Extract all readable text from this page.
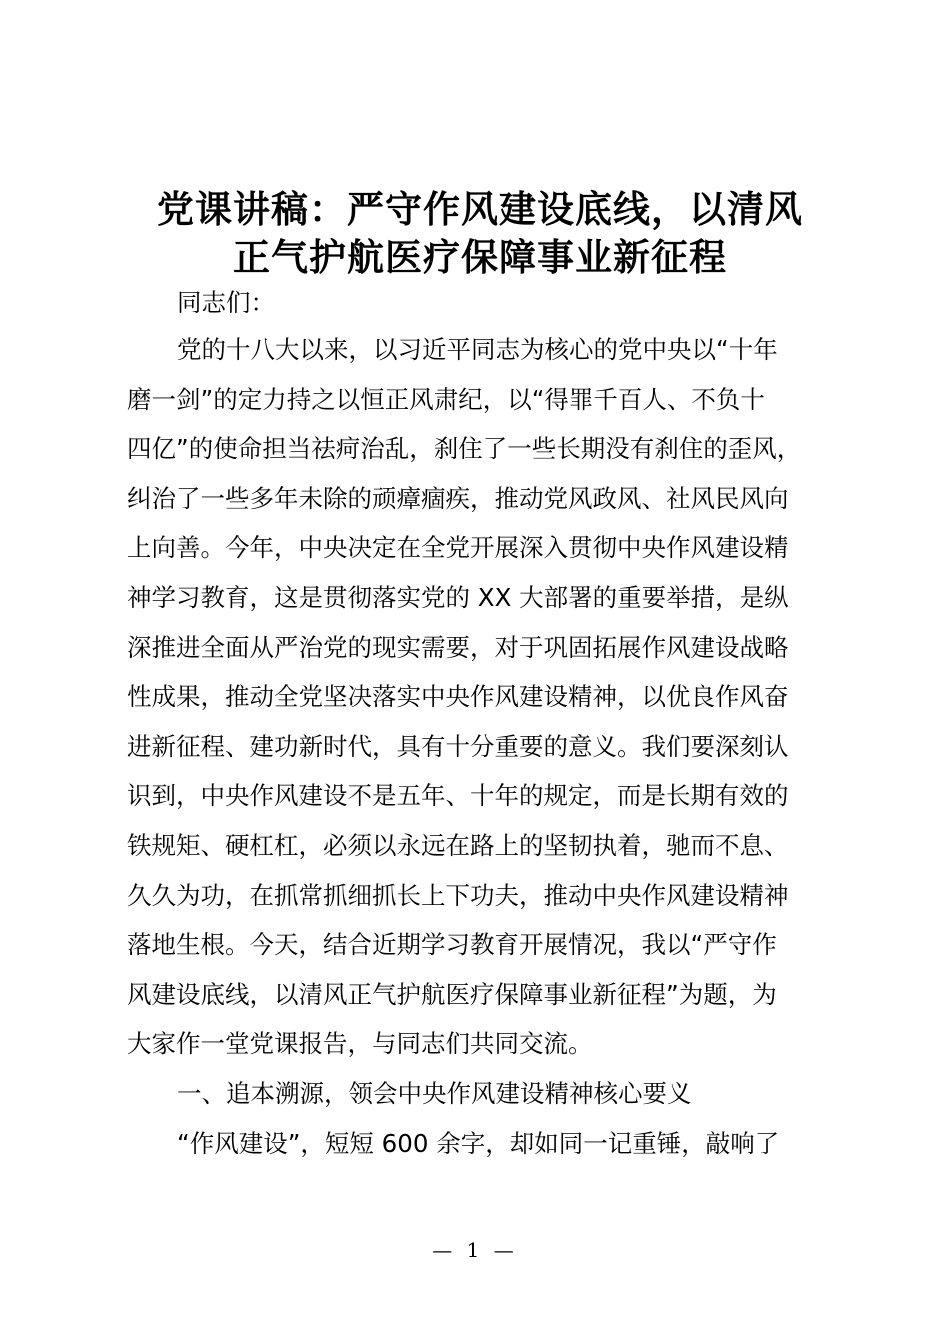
党课讲稿：严守作风建设底线，以清风
正气护航医疗保障事业新征程
同志们：
党的十八大以来，以习近平同志为核心的党中央以“十年
磨一剑”的定力持之以恒正风肃纪，以“得罪千百人、不负十
四亿”的使命担当祛疴治乱，刹住了一些长期没有刹住的歪风，
纠治了一些多年未除的顽瘴痼疾，推动党风政风、社风民风向
上向善。今年，中央决定在全党开展深入贯彻中央作风建设精
神学习教育，这是贯彻落实党的 XX 大部署的重要举措，是纵
深推进全面从严治党的现实需要，对于巩固拓展作风建设战略
性成果，推动全党坚决落实中央作风建设精神，以优良作风奋
进新征程、建功新时代，具有十分重要的意义。我们要深刻认
识到，中央作风建设不是五年、十年的规定，而是长期有效的
铁规矩、硬杠杠，必须以永远在路上的坚韧执着，驰而不息、
久久为功，在抓常抓细抓长上下功夫，推动中央作风建设精神
落地生根。今天，结合近期学习教育开展情况，我以“严守作
风建设底线，以清风正气护航医疗保障事业新征程”为题，为
大家作一堂党课报告，与同志们共同交流。
一、追本溯源，领会中央作风建设精神核心要义
“作风建设”，短短 600 余字，却如同一记重锤，敲响了
— 1 —
